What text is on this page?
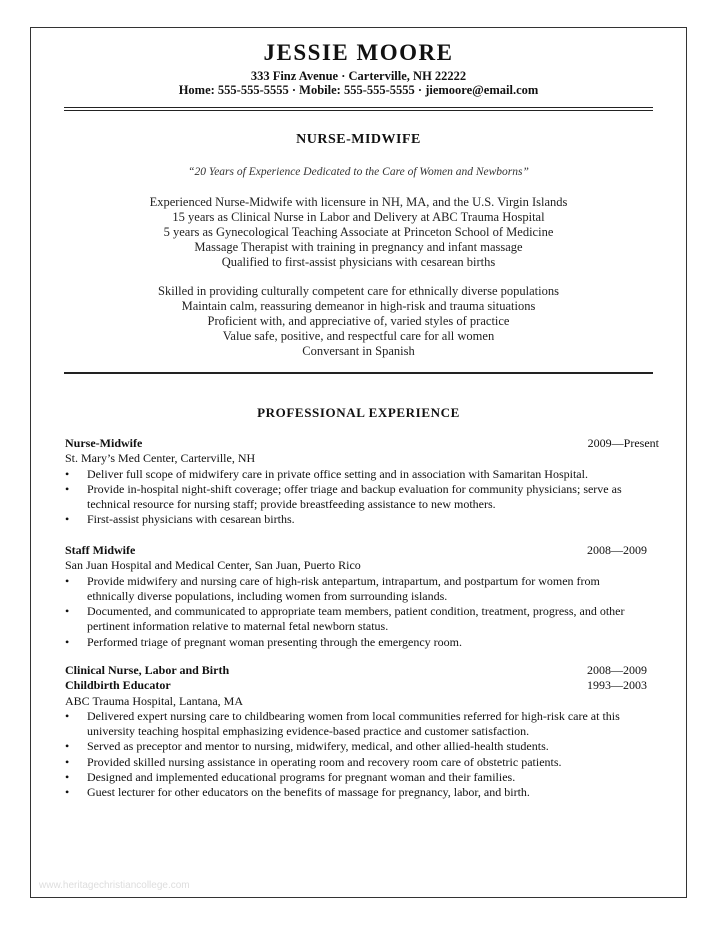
JESSIE MOORE
333 Finz Avenue · Carterville, NH 22222
Home: 555-555-5555 · Mobile: 555-555-5555 · jiemoore@email.com
NURSE-MIDWIFE
“20 Years of Experience Dedicated to the Care of Women and Newborns”
Experienced Nurse-Midwife with licensure in NH, MA, and the U.S. Virgin Islands
15 years as Clinical Nurse in Labor and Delivery at ABC Trauma Hospital
5 years as Gynecological Teaching Associate at Princeton School of Medicine
Massage Therapist with training in pregnancy and infant massage
Qualified to first-assist physicians with cesarean births
Skilled in providing culturally competent care for ethnically diverse populations
Maintain calm, reassuring demeanor in high-risk and trauma situations
Proficient with, and appreciative of, varied styles of practice
Value safe, positive, and respectful care for all women
Conversant in Spanish
PROFESSIONAL EXPERIENCE
Nurse-Midwife	2009—Present
St. Mary’s Med Center, Carterville, NH
• Deliver full scope of midwifery care in private office setting and in association with Samaritan Hospital.
• Provide in-hospital night-shift coverage; offer triage and backup evaluation for community physicians; serve as technical resource for nursing staff; provide breastfeeding assistance to new mothers.
• First-assist physicians with cesarean births.
Staff Midwife	2008—2009
San Juan Hospital and Medical Center, San Juan, Puerto Rico
• Provide midwifery and nursing care of high-risk antepartum, intrapartum, and postpartum for women from ethnically diverse populations, including women from surrounding islands.
• Documented, and communicated to appropriate team members, patient condition, treatment, progress, and other pertinent information relative to maternal fetal newborn status.
• Performed triage of pregnant woman presenting through the emergency room.
Clinical Nurse, Labor and Birth	2008—2009
Childbirth Educator	1993—2003
ABC Trauma Hospital, Lantana, MA
• Delivered expert nursing care to childbearing women from local communities referred for high-risk care at this university teaching hospital emphasizing evidence-based practice and customer satisfaction.
• Served as preceptor and mentor to nursing, midwifery, medical, and other allied-health students.
• Provided skilled nursing assistance in operating room and recovery room care of obstetric patients.
• Designed and implemented educational programs for pregnant woman and their families.
• Guest lecturer for other educators on the benefits of massage for pregnancy, labor, and birth.
www.heritagechristiancollege.com
